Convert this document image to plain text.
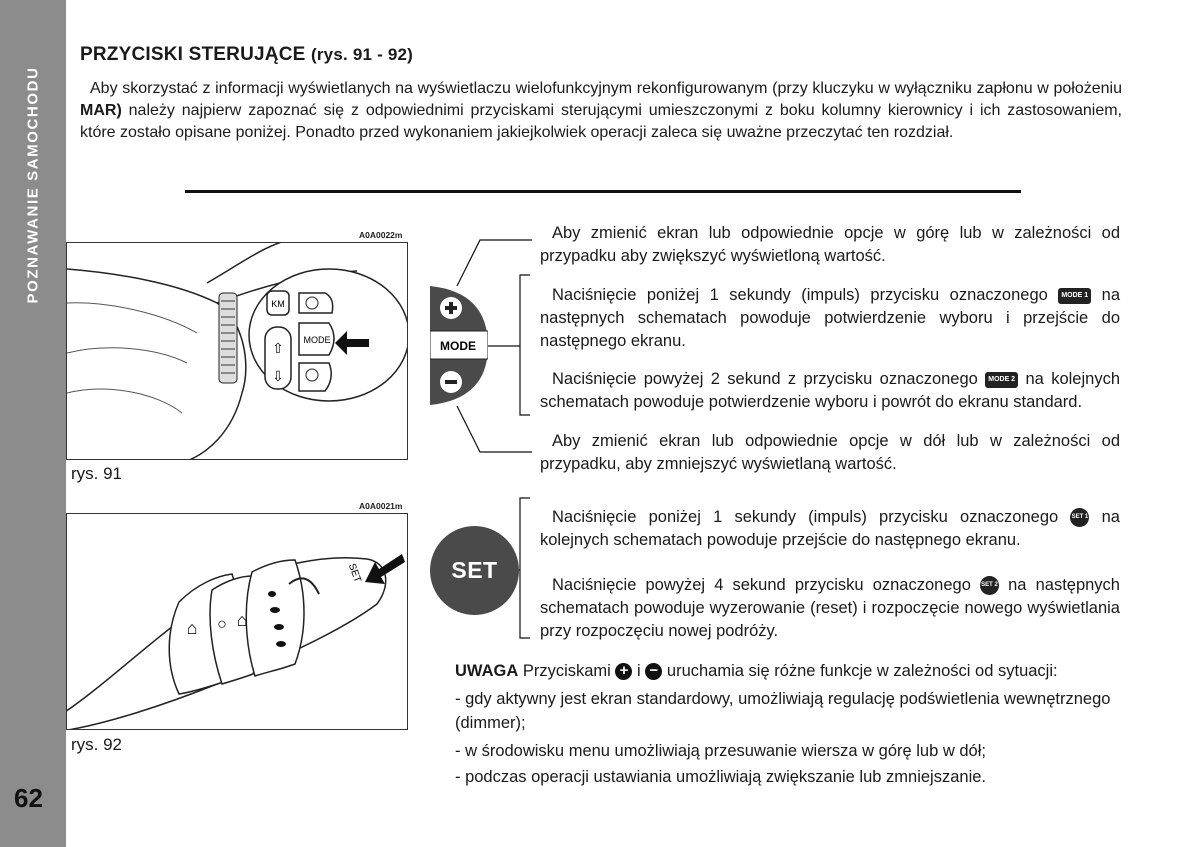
POZNAWANIE SAMOCHODU
62
PRZYCISKI STERUJĄCE (rys. 91 - 92)
Aby skorzystać z informacji wyświetlanych na wyświetlaczu wielofunkcyjnym rekonfigurowanym (przy kluczyku w wyłączniku zapłonu w położeniu MAR) należy najpierw zapoznać się z odpowiednimi przyciskami sterującymi umieszczonymi z boku kolumny kierownicy i ich zastosowaniem, które zostało opisane poniżej. Ponadto przed wykonaniem jakiejkolwiek operacji zaleca się uważne przeczytać ten rozdział.
A0A0022m
KM
⇧
⇩
MODE
rys. 91
A0A0021m
⌂ ○ ⌂
SET
rys. 92
MODE
SET
Aby zmienić ekran lub odpowiednie opcje w górę lub w zależności od przypadku aby zwiększyć wyświetloną wartość.
Naciśnięcie poniżej 1 sekundy (impuls) przycisku oznaczonego MODE 1 na następnych schematach powoduje potwierdzenie wyboru i przejście do następnego ekranu.
Naciśnięcie powyżej 2 sekund z przycisku oznaczonego MODE 2 na kolejnych schematach powoduje potwierdzenie wyboru i powrót do ekranu standard.
Aby zmienić ekran lub odpowiednie opcje w dół lub w zależności od przypadku, aby zmniejszyć wyświetlaną wartość.
Naciśnięcie poniżej 1 sekundy (impuls) przycisku oznaczonego SET 1 na kolejnych schematach powoduje przejście do następnego ekranu.
Naciśnięcie powyżej 4 sekund przycisku oznaczonego SET 2 na następnych schematach powoduje wyzerowanie (reset) i rozpoczęcie nowego wyświetlania przy rozpoczęciu nowej podróży.
UWAGA Przyciskami + i − uruchamia się różne funkcje w zależności od sytuacji:
- gdy aktywny jest ekran standardowy, umożliwiają regulację podświetlenia wewnętrznego (dimmer);
- w środowisku menu umożliwiają przesuwanie wiersza w górę lub w dół;
- podczas operacji ustawiania umożliwiają zwiększanie lub zmniejszanie.
